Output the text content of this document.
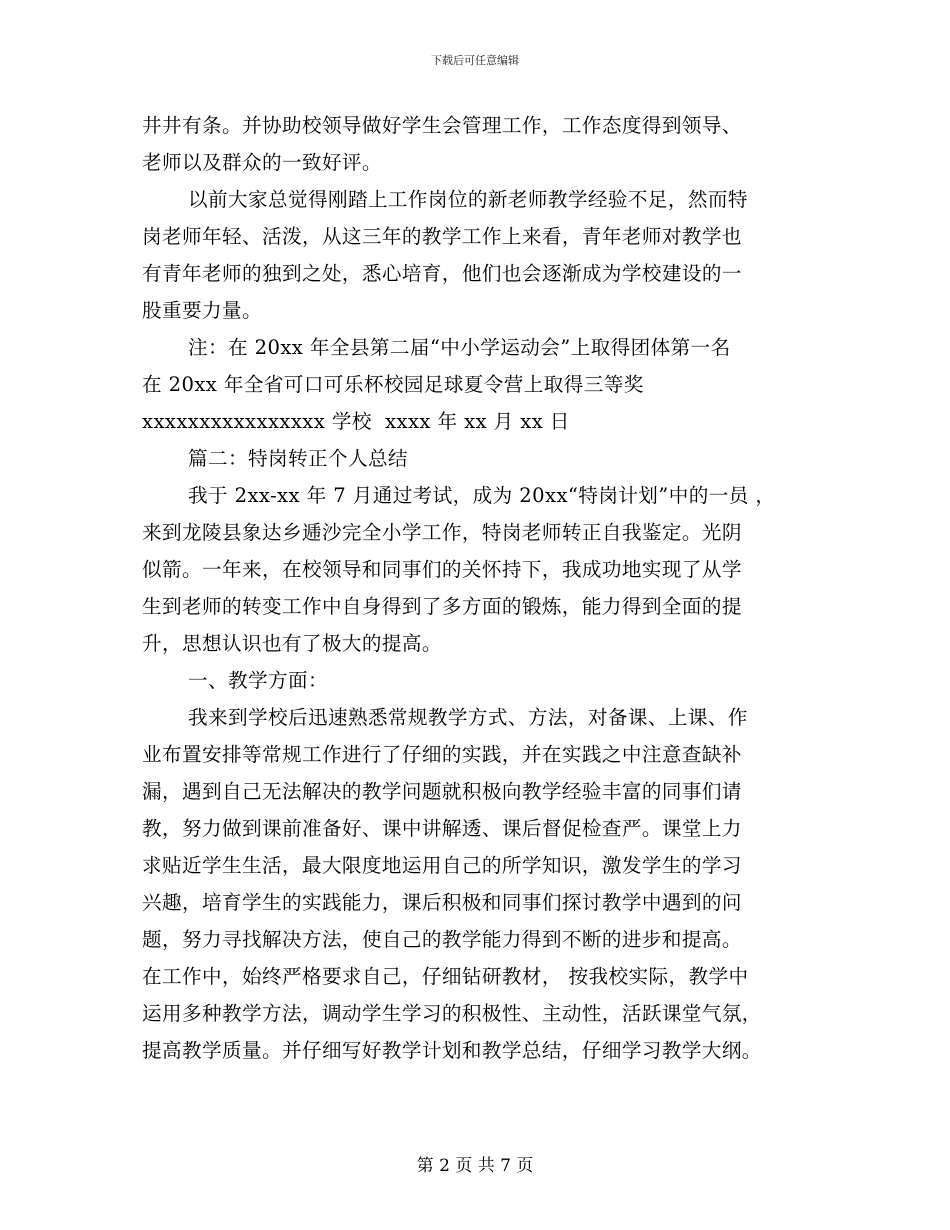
下载后可任意编辑
井井有条。并协助校领导做好学生会管理工作，工作态度得到领导、
老师以及群众的一致好评。
以前大家总觉得刚踏上工作岗位的新老师教学经验不足，然而特
岗老师年轻、活泼，从这三年的教学工作上来看，青年老师对教学也
有青年老师的独到之处，悉心培育，他们也会逐渐成为学校建设的一
股重要力量。
注：在 20xx 年全县第二届“中小学运动会”上取得团体第一名
在 20xx 年全省可口可乐杯校园足球夏令营上取得三等奖
xxxxxxxxxxxxxxxx 学校  xxxx 年 xx 月 xx 日
篇二：特岗转正个人总结
我于 2xx-xx 年 7 月通过考试，成为 20xx“特岗计划”中的一员 ，
来到龙陵县象达乡逓沙完全小学工作，特岗老师转正自我鉴定。光阴
似箭。一年来，在校领导和同事们的关怀持下，我成功地实现了从学
生到老师的转变工作中自身得到了多方面的锻炼，能力得到全面的提
升，思想认识也有了极大的提高。
一、教学方面：
我来到学校后迅速熟悉常规教学方式、方法，对备课、上课、作
业布置安排等常规工作进行了仔细的实践，并在实践之中注意查缺补
漏，遇到自己无法解决的教学问题就积极向教学经验丰富的同事们请
教，努力做到课前准备好、课中讲解透、课后督促检查严。课堂上力
求贴近学生生活，最大限度地运用自己的所学知识，激发学生的学习
兴趣，培育学生的实践能力，课后积极和同事们探讨教学中遇到的问
题，努力寻找解决方法，使自己的教学能力得到不断的进步和提高。
在工作中，始终严格要求自己，仔细钻研教材， 按我校实际，教学中
运用多种教学方法，调动学生学习的积极性、主动性，活跃课堂气氛，
提高教学质量。并仔细写好教学计划和教学总结，仔细学习教学大纲。
第 2 页 共 7 页
